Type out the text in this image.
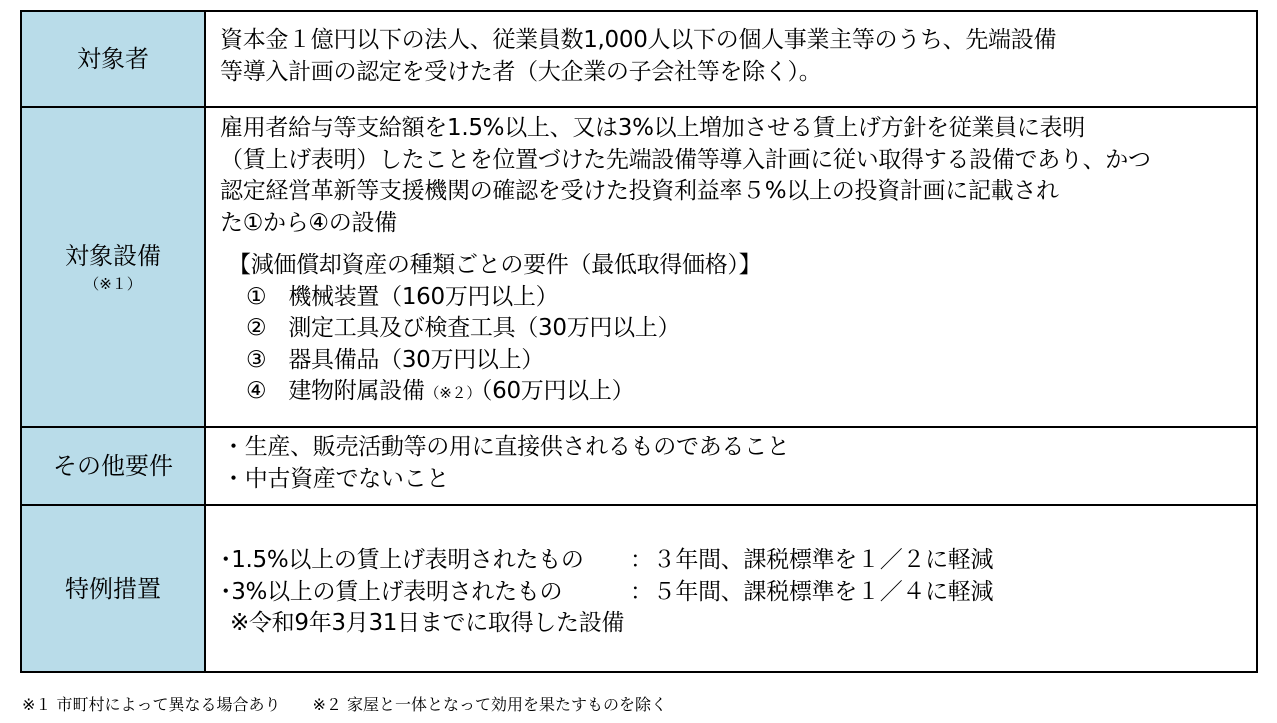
対象者
資本金１億円以下の法人、従業員数1,000人以下の個人事業主等のうち、先端設備
等導入計画の認定を受けた者（大企業の子会社等を除く）。
対象設備
（※１）
雇用者給与等支給額を1.5%以上、又は3%以上増加させる賃上げ方針を従業員に表明
（賃上げ表明）したことを位置づけた先端設備等導入計画に従い取得する設備であり、かつ
認定経営革新等支援機関の確認を受けた投資利益率５%以上の投資計画に記載され
た①から④の設備
【減価償却資産の種類ごとの要件（最低取得価格）】
① 機械装置（160万円以上）
② 測定工具及び検査工具（30万円以上）
③ 器具備品（30万円以上）
④ 建物附属設備（※２）（60万円以上）
その他要件
・生産、販売活動等の用に直接供されるものであること
・中古資産でないこと
特例措置
･1.5%以上の賃上げ表明されたもの ：３年間、課税標準を１／２に軽減
･3%以上の賃上げ表明されたもの	：５年間、課税標準を１／４に軽減
※令和9年3月31日までに取得した設備
※１ 市町村によって異なる場合あり ※２ 家屋と一体となって効用を果たすものを除く
